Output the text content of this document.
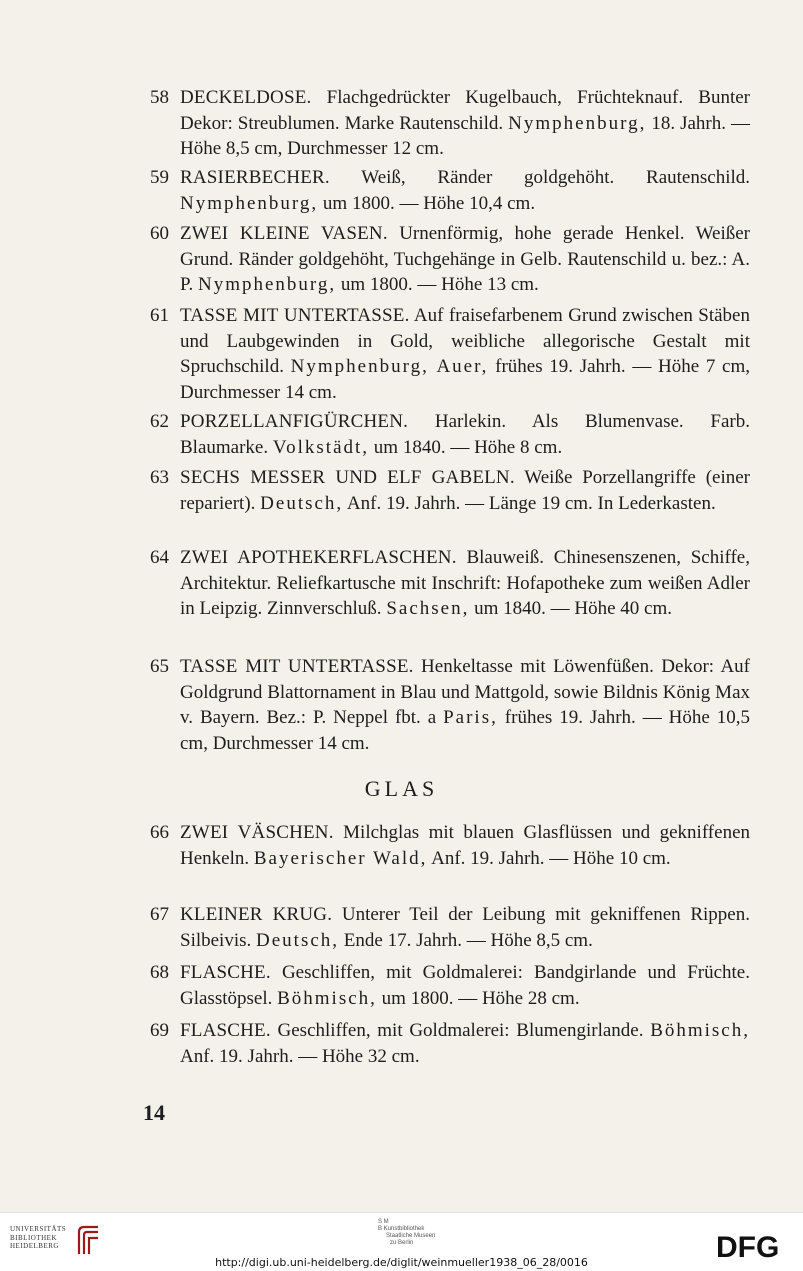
58 DECKELDOSE. Flachgedrückter Kugelbauch, Früchteknauf. Bunter Dekor: Streublumen. Marke Rautenschild. Nymphenburg, 18. Jahrh. — Höhe 8,5 cm, Durchmesser 12 cm.
59 RASIERBECHER. Weiß, Ränder goldgehöht. Rautenschild. Nymphenburg, um 1800. — Höhe 10,4 cm.
60 ZWEI KLEINE VASEN. Urnenförmig, hohe gerade Henkel. Weißer Grund. Ränder goldgehöht, Tuchgehänge in Gelb. Rautenschild u. bez.: A. P. Nymphenburg, um 1800. — Höhe 13 cm.
61 TASSE MIT UNTERTASSE. Auf fraisefarbenem Grund zwischen Stäben und Laubgewinden in Gold, weibliche allegorische Gestalt mit Spruchschild. Nymphenburg, Auer, frühes 19. Jahrh. — Höhe 7 cm, Durchmesser 14 cm.
62 PORZELLANFIGÜRCHEN. Harlekin. Als Blumenvase. Farb. Blaumarke. Volkstädt, um 1840. — Höhe 8 cm.
63 SECHS MESSER UND ELF GABELN. Weiße Porzellangriffe (einer repariert). Deutsch, Anf. 19. Jahrh. — Länge 19 cm. In Lederkasten.
64 ZWEI APOTHEKERFLASCHEN. Blauweiß. Chinesenszenen, Schiffe, Architektur. Reliefkartusche mit Inschrift: Hofapotheke zum weißen Adler in Leipzig. Zinnverschluß. Sachsen, um 1840. — Höhe 40 cm.
65 TASSE MIT UNTERTASSE. Henkeltasse mit Löwenfüßen. Dekor: Auf Goldgrund Blattornament in Blau und Mattgold, sowie Bildnis König Max v. Bayern. Bez.: P. Neppel fbt. a Paris, frühes 19. Jahrh. — Höhe 10,5 cm, Durchmesser 14 cm.
GLAS
66 ZWEI VÄSCHEN. Milchglas mit blauen Glasflüssen und gekniffenen Henkeln. Bayerischer Wald, Anf. 19. Jahrh. — Höhe 10 cm.
67 KLEINER KRUG. Unterer Teil der Leibung mit gekniffenen Rippen. Silbeivis. Deutsch, Ende 17. Jahrh. — Höhe 8,5 cm.
68 FLASCHE. Geschliffen, mit Goldmalerei: Bandgirlande und Früchte. Glasstöpsel. Böhmisch, um 1800. — Höhe 28 cm.
69 FLASCHE. Geschliffen, mit Goldmalerei: Blumengirlande. Böhmisch, Anf. 19. Jahrh. — Höhe 32 cm.
14
UNIVERSITÄTS
BIBLIOTHEK
HEIDELBERG
S M
B Kunstbibliothek
Staatliche Museen
zu Berlin
http://digi.ub.uni-heidelberg.de/diglit/weinmueller1938_06_28/0016	DFG
